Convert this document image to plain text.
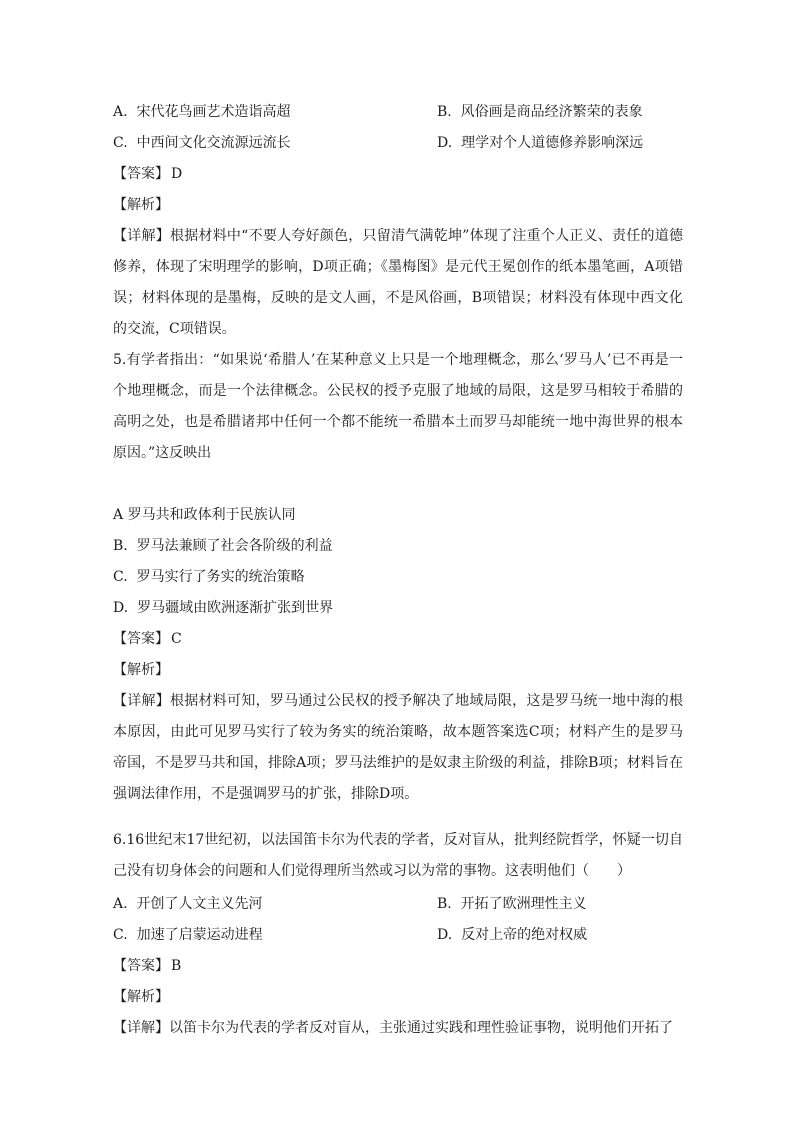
A. 宋代花鸟画艺术造诣高超	B. 风俗画是商品经济繁荣的表象
C. 中西间文化交流源远流长	D. 理学对个人道德修养影响深远
【答案】 D
【解析】

【详解】根据材料中“不要人夸好颜色，只留清气满乾坤”体现了注重个人正义、责任的道德修养，体现了宋明理学的影响，D项正确；《墨梅图》是元代王冕创作的纸本墨笔画，A项错误；材料体现的是墨梅，反映的是文人画，不是风俗画，B项错误；材料没有体现中西文化的交流，C项错误。

5.有学者指出：“如果说‘希腊人’在某种意义上只是一个地理概念，那么‘罗马人’已不再是一个地理概念，而是一个法律概念。公民权的授予克服了地域的局限，这是罗马相较于希腊的高明之处，也是希腊诸邦中任何一个都不能统一希腊本土而罗马却能统一地中海世界的根本原因。”这反映出

A 罗马共和政体利于民族认同
B. 罗马法兼顾了社会各阶级的利益
C. 罗马实行了务实的统治策略
D. 罗马疆域由欧洲逐渐扩张到世界
【答案】 C
【解析】

【详解】根据材料可知，罗马通过公民权的授予解决了地域局限，这是罗马统一地中海的根本原因，由此可见罗马实行了较为务实的统治策略，故本题答案选C项；材料产生的是罗马帝国，不是罗马共和国，排除A项；罗马法维护的是奴隶主阶级的利益，排除B项；材料旨在强调法律作用，不是强调罗马的扩张，排除D项。

6.16世纪末17世纪初，以法国笛卡尔为代表的学者，反对盲从，批判经院哲学，怀疑一切自己没有切身体会的问题和人们觉得理所当然或习以为常的事物。这表明他们（　　）

A. 开创了人文主义先河	B. 开拓了欧洲理性主义
C. 加速了启蒙运动进程	D. 反对上帝的绝对权威
【答案】 B
【解析】

【详解】以笛卡尔为代表的学者反对盲从，主张通过实践和理性验证事物，说明他们开拓了
